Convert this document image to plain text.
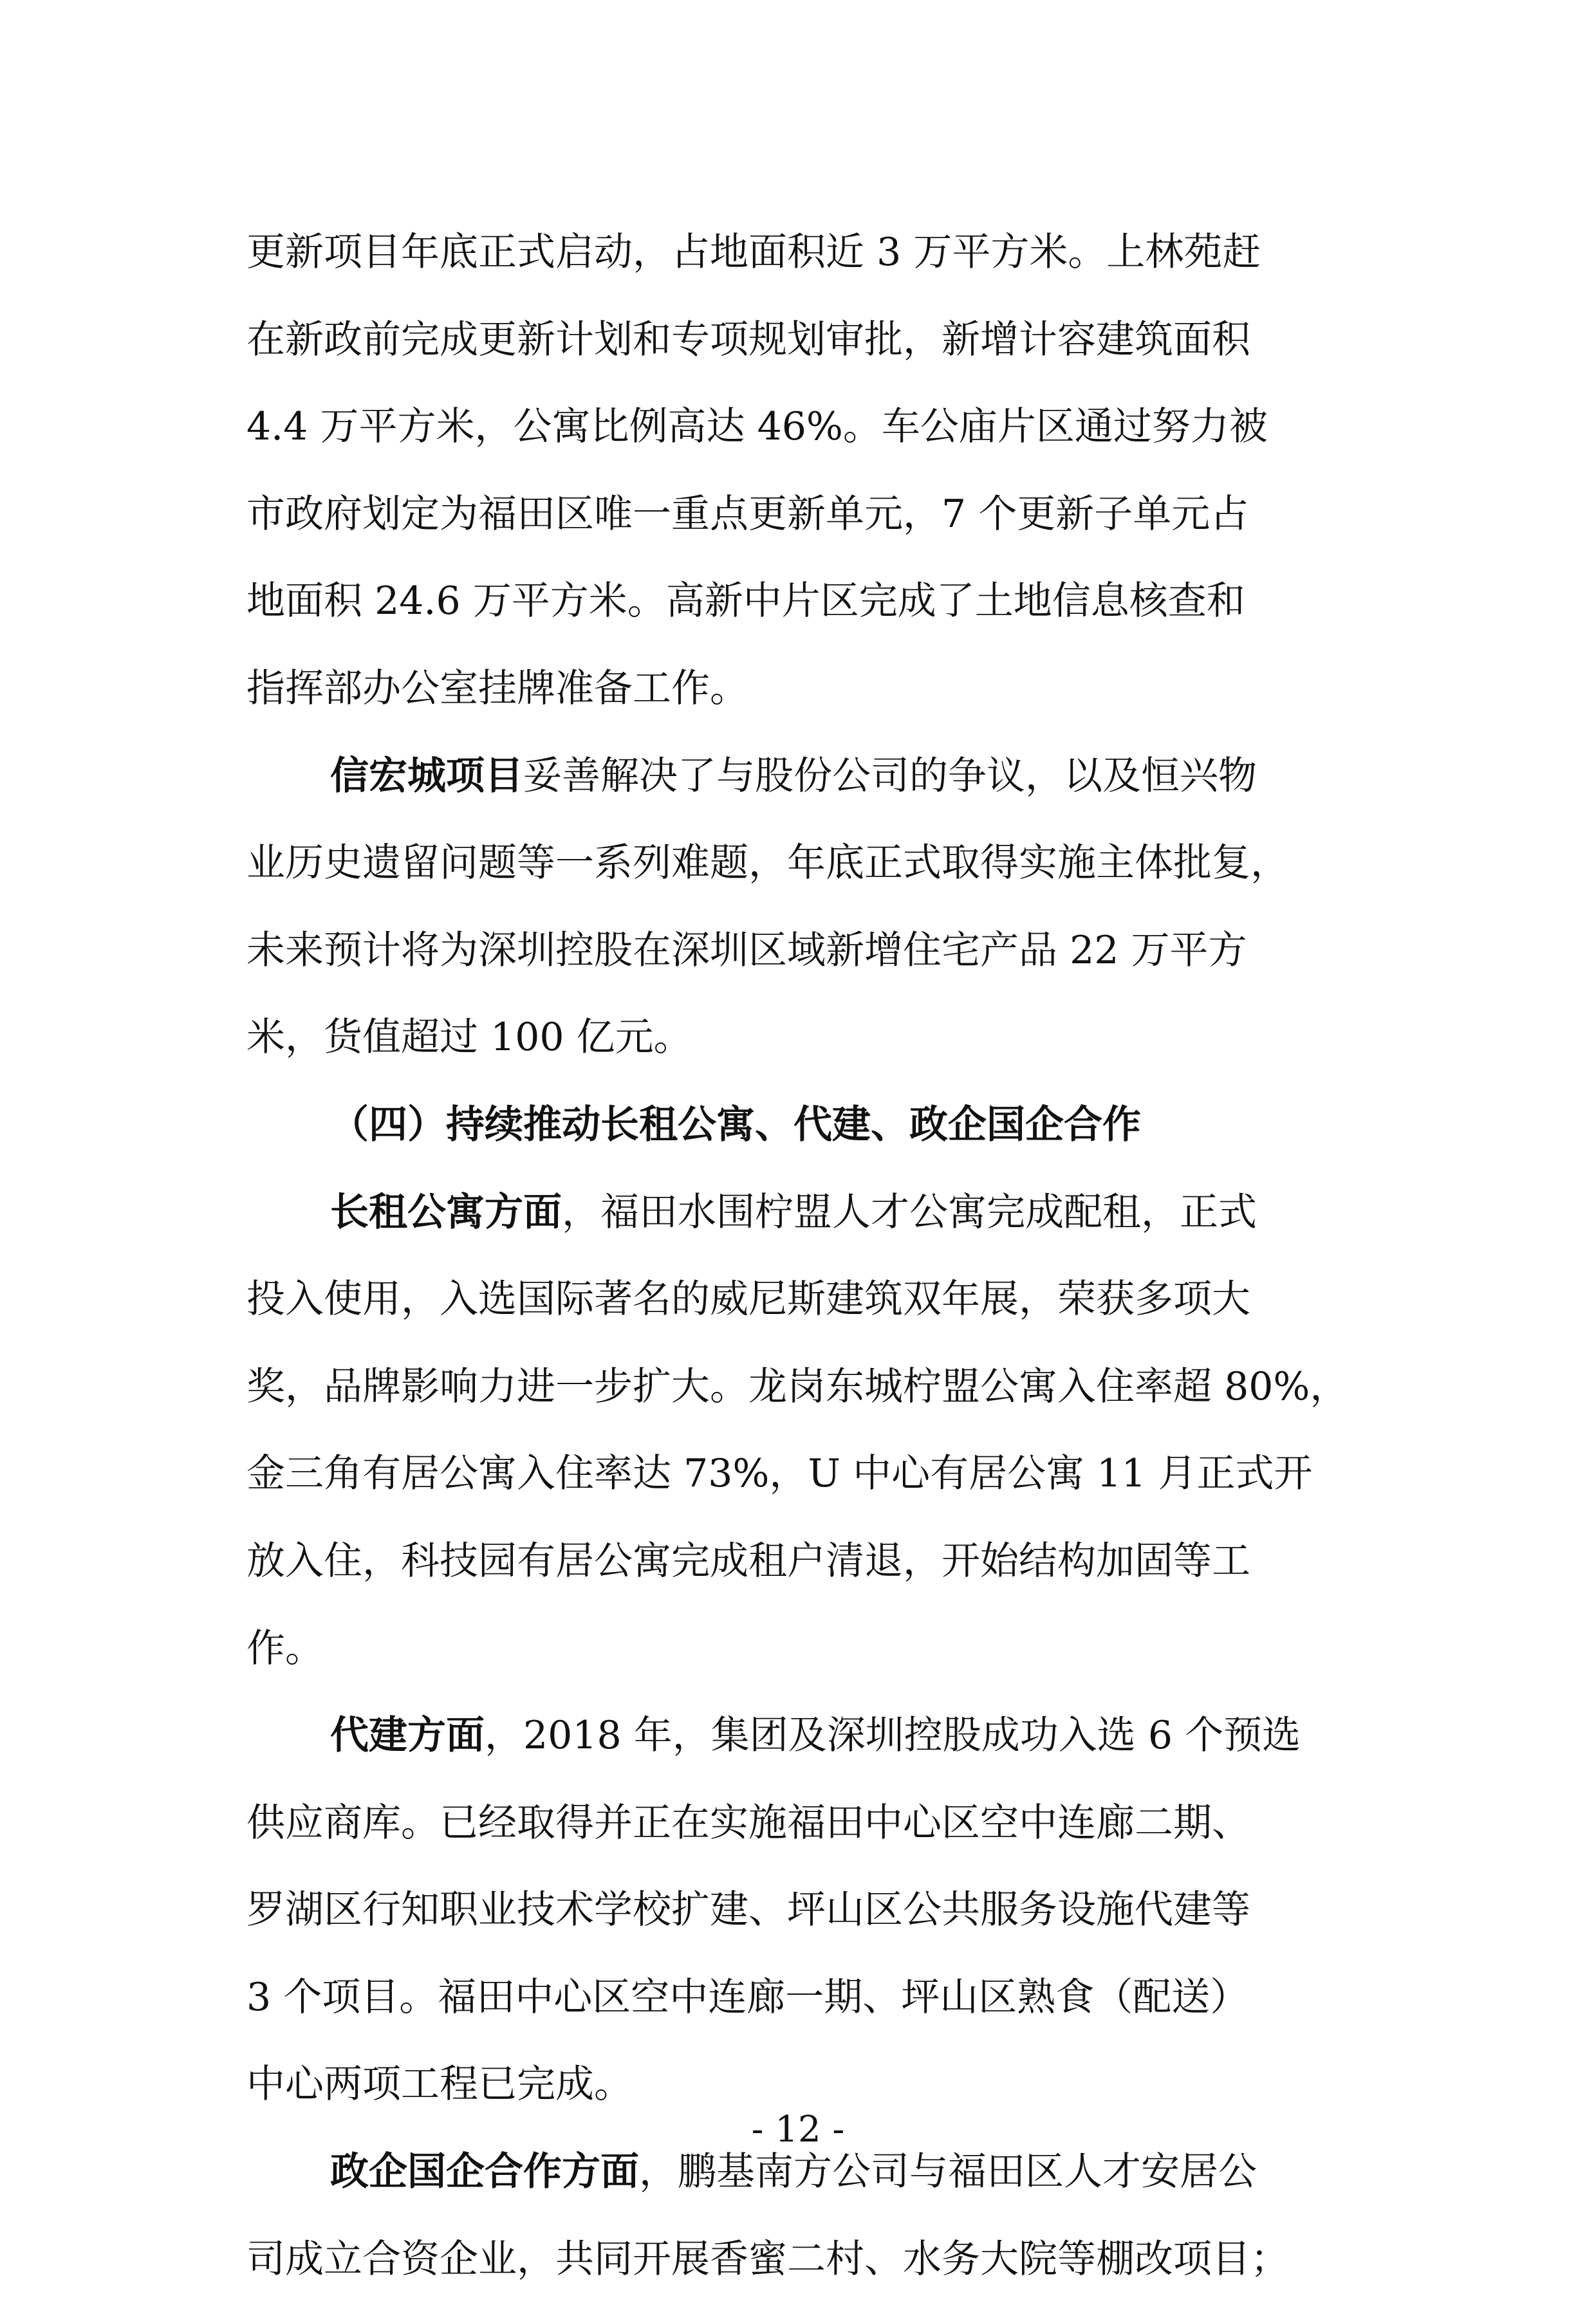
更新项目年底正式启动，占地面积近 3 万平方米。上林苑赶
在新政前完成更新计划和专项规划审批，新增计容建筑面积
4.4 万平方米，公寓比例高达 46%。车公庙片区通过努力被
市政府划定为福田区唯一重点更新单元，7 个更新子单元占
地面积 24.6 万平方米。高新中片区完成了土地信息核查和
指挥部办公室挂牌准备工作。
信宏城项目妥善解决了与股份公司的争议，以及恒兴物
业历史遗留问题等一系列难题，年底正式取得实施主体批复，
未来预计将为深圳控股在深圳区域新增住宅产品 22 万平方
米，货值超过 100 亿元。
（四）持续推动长租公寓、代建、政企国企合作
长租公寓方面，福田水围柠盟人才公寓完成配租，正式
投入使用，入选国际著名的威尼斯建筑双年展，荣获多项大
奖，品牌影响力进一步扩大。龙岗东城柠盟公寓入住率超 80%，
金三角有居公寓入住率达 73%，U 中心有居公寓 11 月正式开
放入住，科技园有居公寓完成租户清退，开始结构加固等工
作。
代建方面，2018 年，集团及深圳控股成功入选 6 个预选
供应商库。已经取得并正在实施福田中心区空中连廊二期、
罗湖区行知职业技术学校扩建、坪山区公共服务设施代建等
3 个项目。福田中心区空中连廊一期、坪山区熟食（配送）
中心两项工程已完成。
政企国企合作方面，鹏基南方公司与福田区人才安居公
司成立合资企业，共同开展香蜜二村、水务大院等棚改项目；
- 12 -
